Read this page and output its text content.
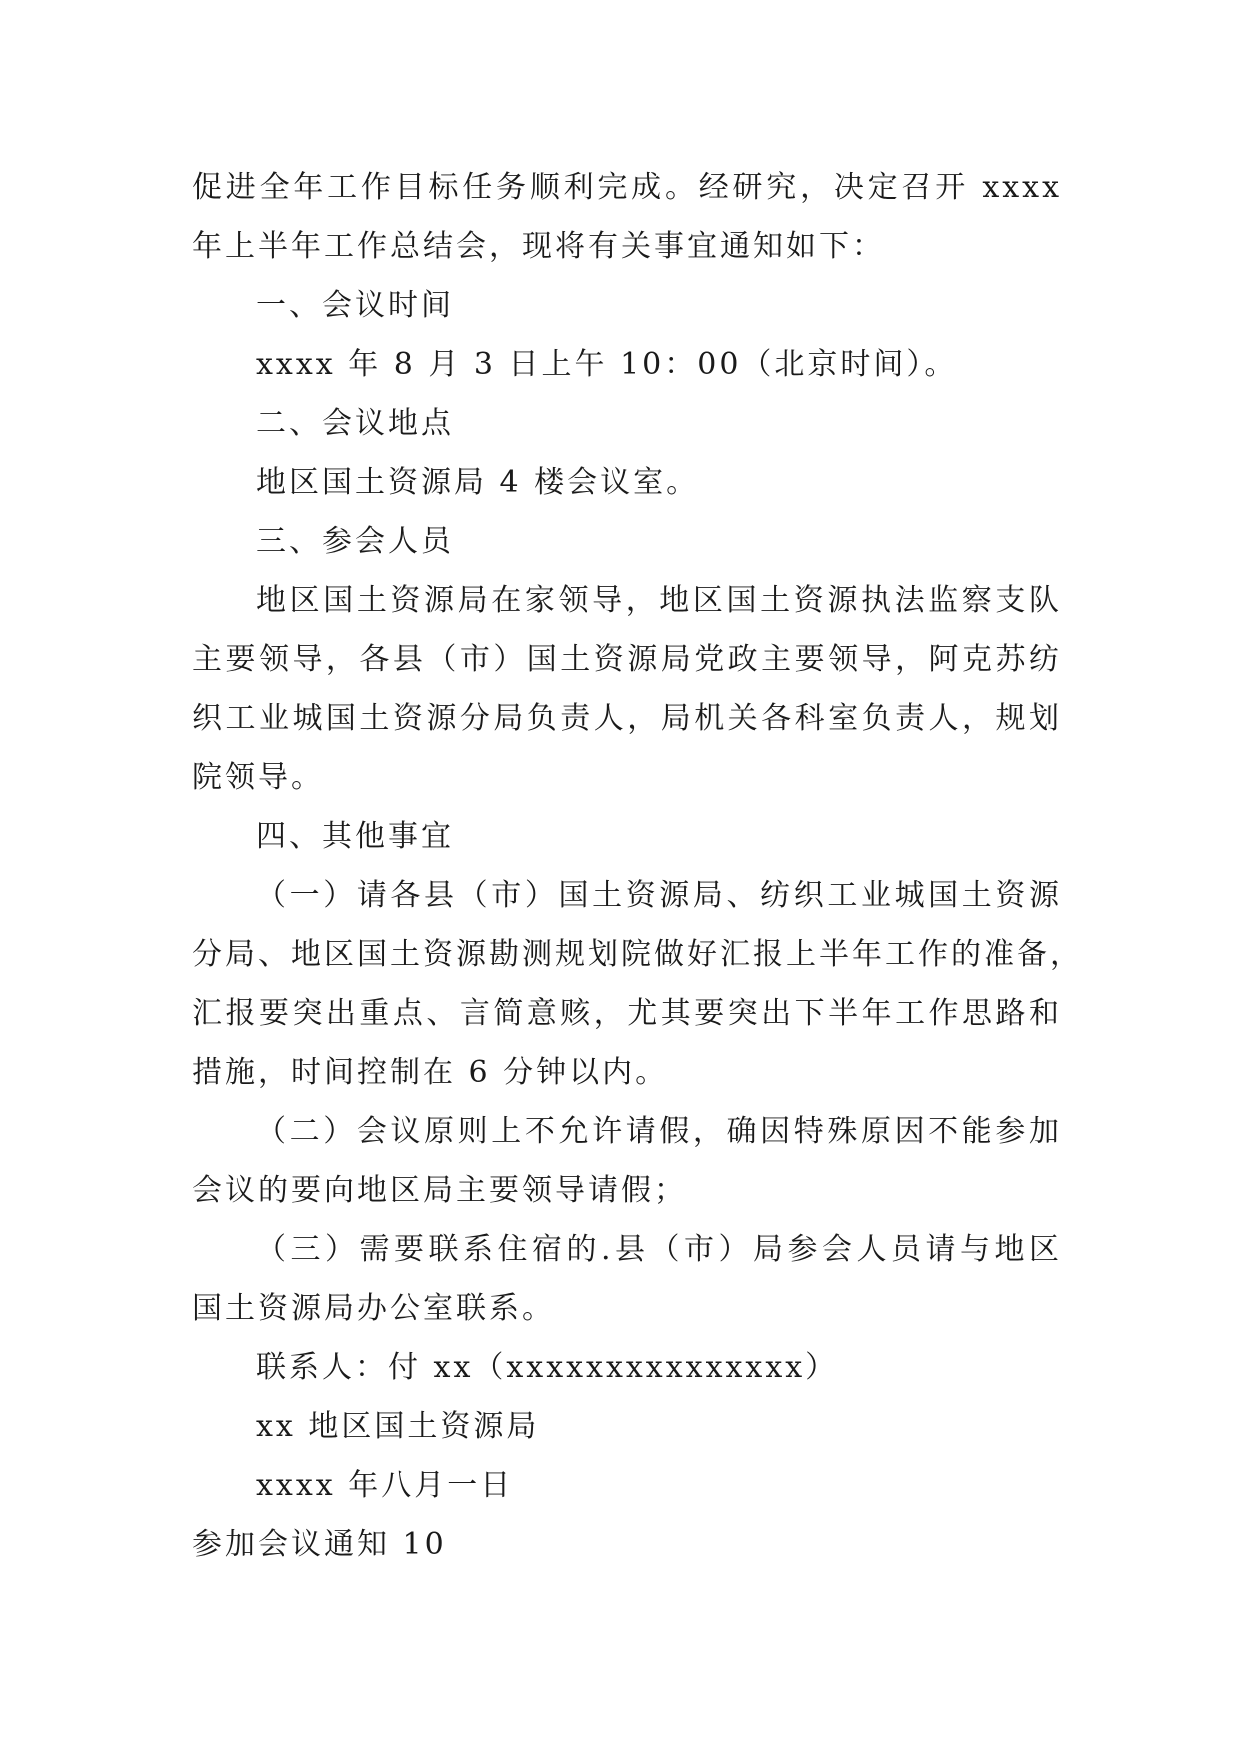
促进全年工作目标任务顺利完成。经研究，决定召开 xxxx
年上半年工作总结会，现将有关事宜通知如下：
一、会议时间
xxxx 年 8 月 3 日上午 10：00（北京时间）。
二、会议地点
地区国土资源局 4 楼会议室。
三、参会人员
地区国土资源局在家领导，地区国土资源执法监察支队
主要领导，各县（市）国土资源局党政主要领导，阿克苏纺
织工业城国土资源分局负责人，局机关各科室负责人，规划
院领导。
四、其他事宜
（一）请各县（市）国土资源局、纺织工业城国土资源
分局、地区国土资源勘测规划院做好汇报上半年工作的准备，
汇报要突出重点、言简意赅，尤其要突出下半年工作思路和
措施，时间控制在 6 分钟以内。
（二）会议原则上不允许请假，确因特殊原因不能参加
会议的要向地区局主要领导请假；
（三）需要联系住宿的.县（市）局参会人员请与地区
国土资源局办公室联系。
联系人：付 xx（xxxxxxxxxxxxxxx）
xx 地区国土资源局
xxxx 年八月一日
参加会议通知 10
